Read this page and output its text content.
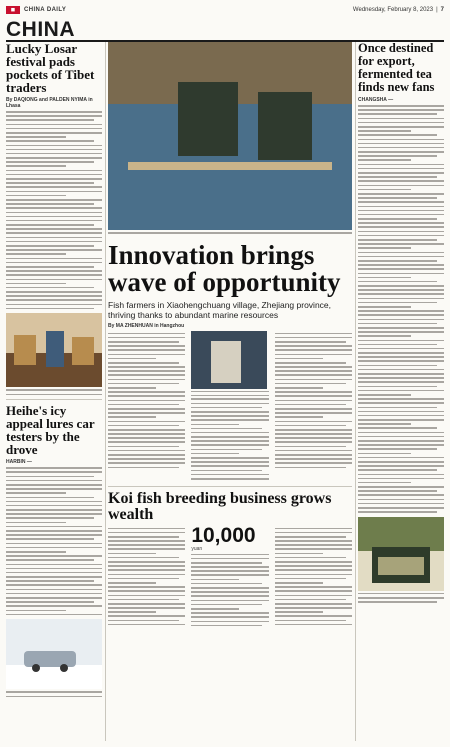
◼	CHINA DAILY	Wednesday, February 8, 2023 | 7
CHINA
Lucky Losar festival pads pockets of Tibet traders
By DAQIONG and PALDEN NYIMA in Lhasa
Heihe's icy appeal lures car testers by the drove
HARBIN —
Innovation brings wave of opportunity
Fish farmers in Xiaohengchuang village, Zhejiang province, thriving thanks to abundant marine resources
By MA ZHENHUAN in Hangzhou
Koi fish breeding business grows wealth
10,000
yuan
Once destined for export, fermented tea finds new fans
CHANGSHA —
